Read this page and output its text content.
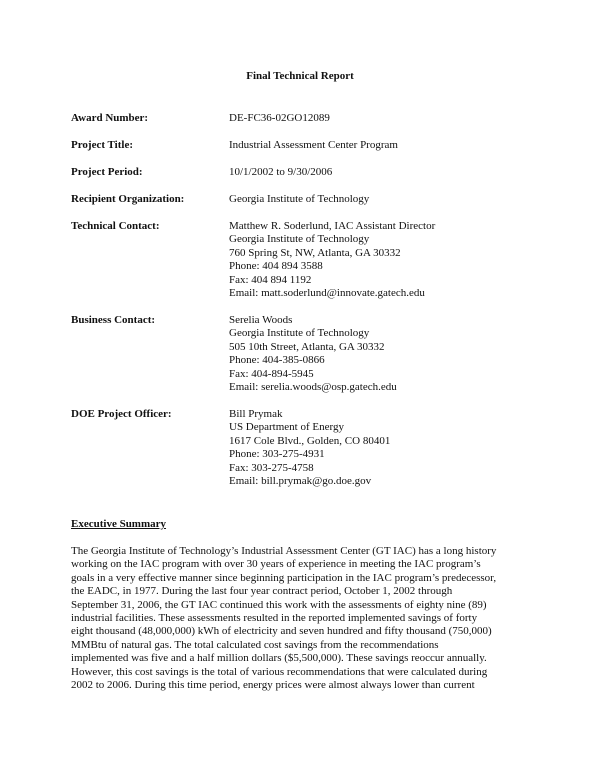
Final Technical Report
Award Number:	DE-FC36-02GO12089
Project Title:	Industrial Assessment Center Program
Project Period:	10/1/2002 to 9/30/2006
Recipient Organization:	Georgia Institute of Technology
Technical Contact:	Matthew R. Soderlund, IAC Assistant Director
Georgia Institute of Technology
760 Spring St, NW, Atlanta, GA 30332
Phone: 404 894 3588
Fax: 404 894 1192
Email: matt.soderlund@innovate.gatech.edu
Business Contact:	Serelia Woods
Georgia Institute of Technology
505 10th Street, Atlanta, GA 30332
Phone: 404-385-0866
Fax: 404-894-5945
Email: serelia.woods@osp.gatech.edu
DOE Project Officer:	Bill Prymak
US Department of Energy
1617 Cole Blvd., Golden, CO 80401
Phone: 303-275-4931
Fax: 303-275-4758
Email: bill.prymak@go.doe.gov
Executive Summary
The Georgia Institute of Technology’s Industrial Assessment Center (GT IAC) has a long history
working on the IAC program with over 30 years of experience in meeting the IAC program’s
goals in a very effective manner since beginning participation in the IAC program’s predecessor,
the EADC, in 1977. During the last four year contract period, October 1, 2002 through
September 31, 2006, the GT IAC continued this work with the assessments of eighty nine (89)
industrial facilities. These assessments resulted in the reported implemented savings of forty
eight thousand (48,000,000) kWh of electricity and seven hundred and fifty thousand (750,000)
MMBtu of natural gas. The total calculated cost savings from the recommendations
implemented was five and a half million dollars ($5,500,000). These savings reoccur annually.
However, this cost savings is the total of various recommendations that were calculated during
2002 to 2006. During this time period, energy prices were almost always lower than current
